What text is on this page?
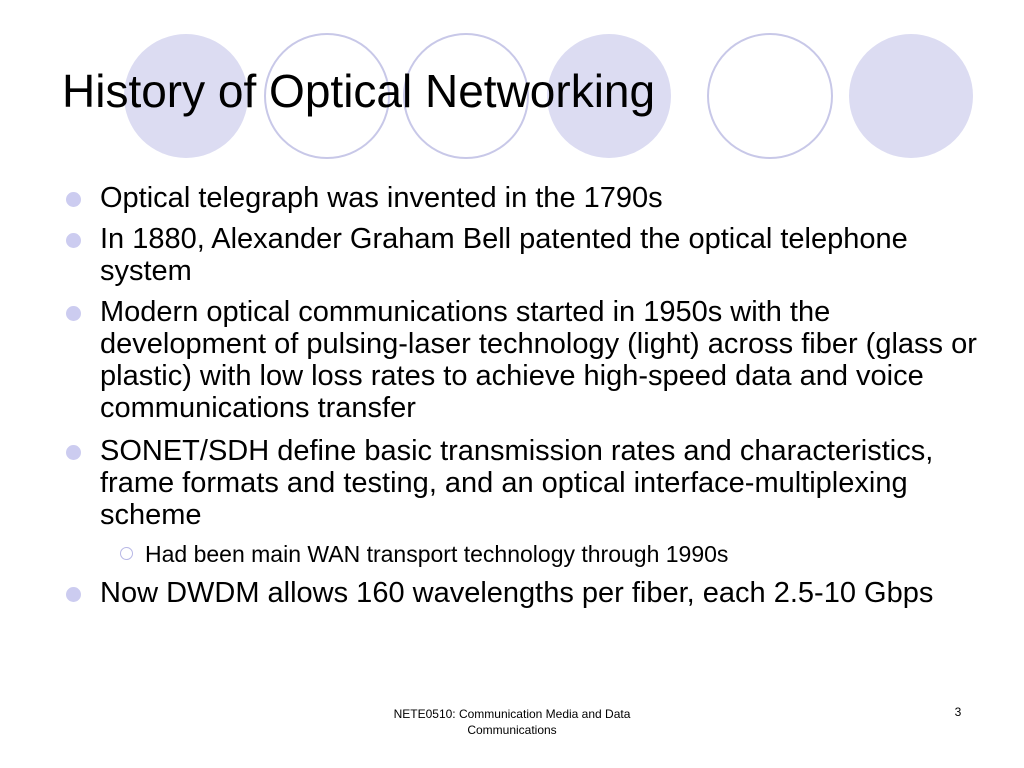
History of Optical Networking
Optical telegraph was invented in the 1790s
In 1880, Alexander Graham Bell patented the optical telephone system
Modern optical communications started in 1950s with the development of pulsing-laser technology (light) across fiber (glass or plastic) with low loss rates to achieve high-speed data and voice communications transfer
SONET/SDH define basic transmission rates and characteristics, frame formats and testing, and an optical interface-multiplexing scheme
Had been main WAN transport technology through 1990s
Now DWDM allows 160 wavelengths per fiber, each 2.5-10 Gbps
NETE0510: Communication Media and Data Communications
3
